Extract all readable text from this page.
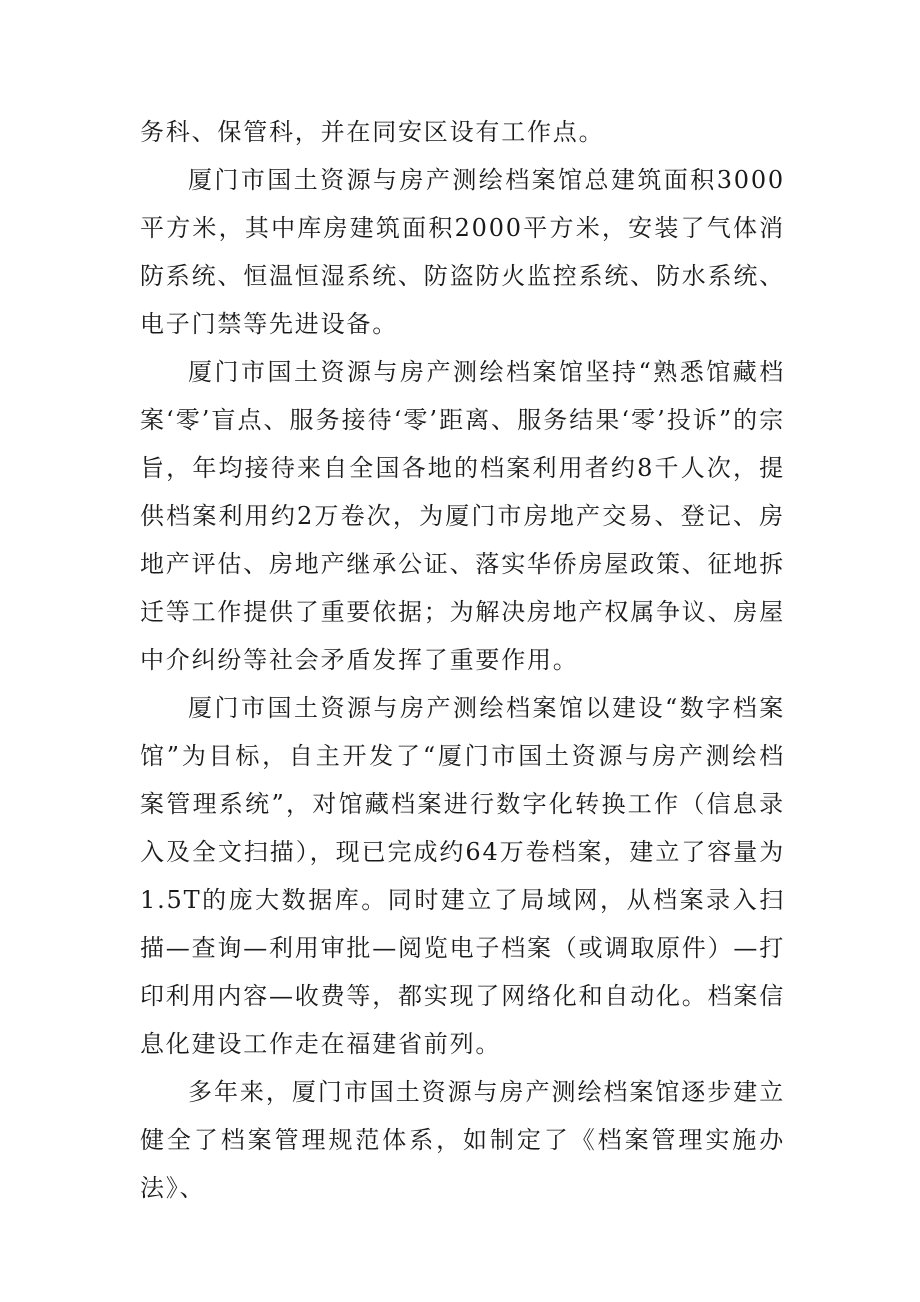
务科、保管科，并在同安区设有工作点。

厦门市国土资源与房产测绘档案馆总建筑面积3000平方米，其中库房建筑面积2000平方米，安装了气体消防系统、恒温恒湿系统、防盗防火监控系统、防水系统、电子门禁等先进设备。

厦门市国土资源与房产测绘档案馆坚持“熟悉馆藏档案‘零’盲点、服务接待‘零’距离、服务结果‘零’投诉”的宗旨，年均接待来自全国各地的档案利用者约8千人次，提供档案利用约2万卷次，为厦门市房地产交易、登记、房地产评估、房地产继承公证、落实华侨房屋政策、征地拆迁等工作提供了重要依据；为解决房地产权属争议、房屋中介纠纷等社会矛盾发挥了重要作用。

厦门市国土资源与房产测绘档案馆以建设“数字档案馆”为目标，自主开发了“厦门市国土资源与房产测绘档案管理系统”，对馆藏档案进行数字化转换工作（信息录入及全文扫描），现已完成约64万卷档案，建立了容量为1.5T的庞大数据库。同时建立了局域网，从档案录入扫描—查询—利用审批—阅览电子档案（或调取原件）—打印利用内容—收费等，都实现了网络化和自动化。档案信息化建设工作走在福建省前列。

多年来，厦门市国土资源与房产测绘档案馆逐步建立健全了档案管理规范体系，如制定了《档案管理实施办法》、
